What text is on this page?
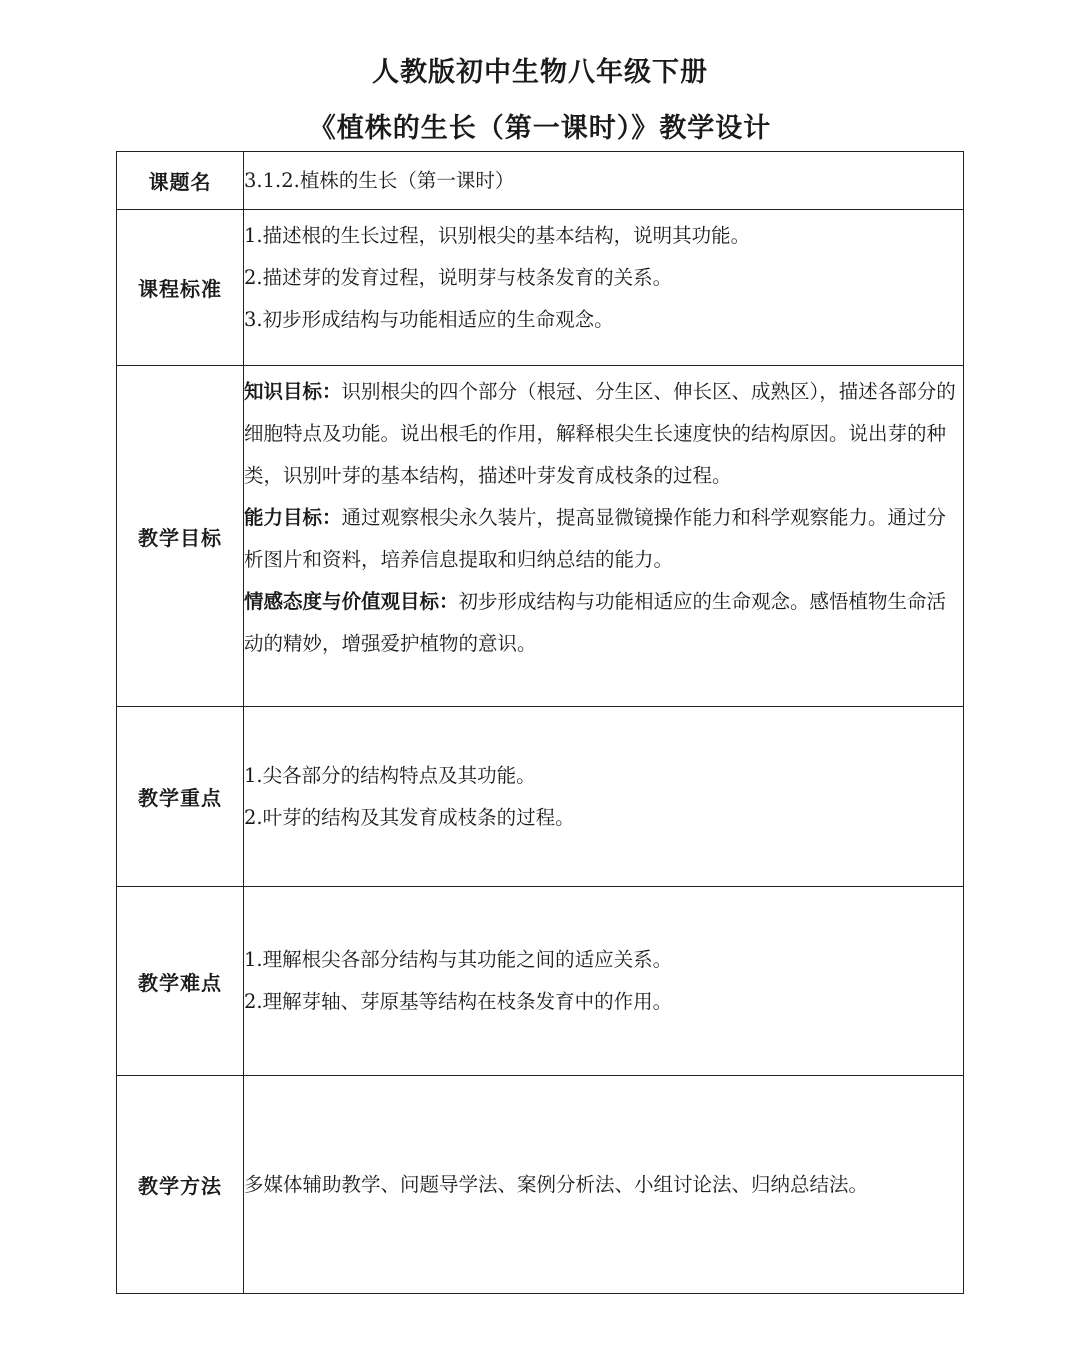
人教版初中生物八年级下册
《植株的生长（第一课时）》教学设计
课题名	3.1.2.植株的生长（第一课时）
课程标准	1.描述根的生长过程，识别根尖的基本结构，说明其功能。
2.描述芽的发育过程，说明芽与枝条发育的关系。
3.初步形成结构与功能相适应的生命观念。

教学目标	知识目标：识别根尖的四个部分（根冠、分生区、伸长区、成熟区），描述各部分的细胞特点及功能。说出根毛的作用，解释根尖生长速度快的结构原因。说出芽的种类，识别叶芽的基本结构，描述叶芽发育成枝条的过程。
能力目标：通过观察根尖永久装片，提高显微镜操作能力和科学观察能力。通过分析图片和资料，培养信息提取和归纳总结的能力。
情感态度与价值观目标：初步形成结构与功能相适应的生命观念。感悟植物生命活动的精妙，增强爱护植物的意识。

教学重点	1.尖各部分的结构特点及其功能。
2.叶芽的结构及其发育成枝条的过程。

教学难点	1.理解根尖各部分结构与其功能之间的适应关系。
2.理解芽轴、芽原基等结构在枝条发育中的作用。

教学方法	多媒体辅助教学、问题导学法、案例分析法、小组讨论法、归纳总结法。
